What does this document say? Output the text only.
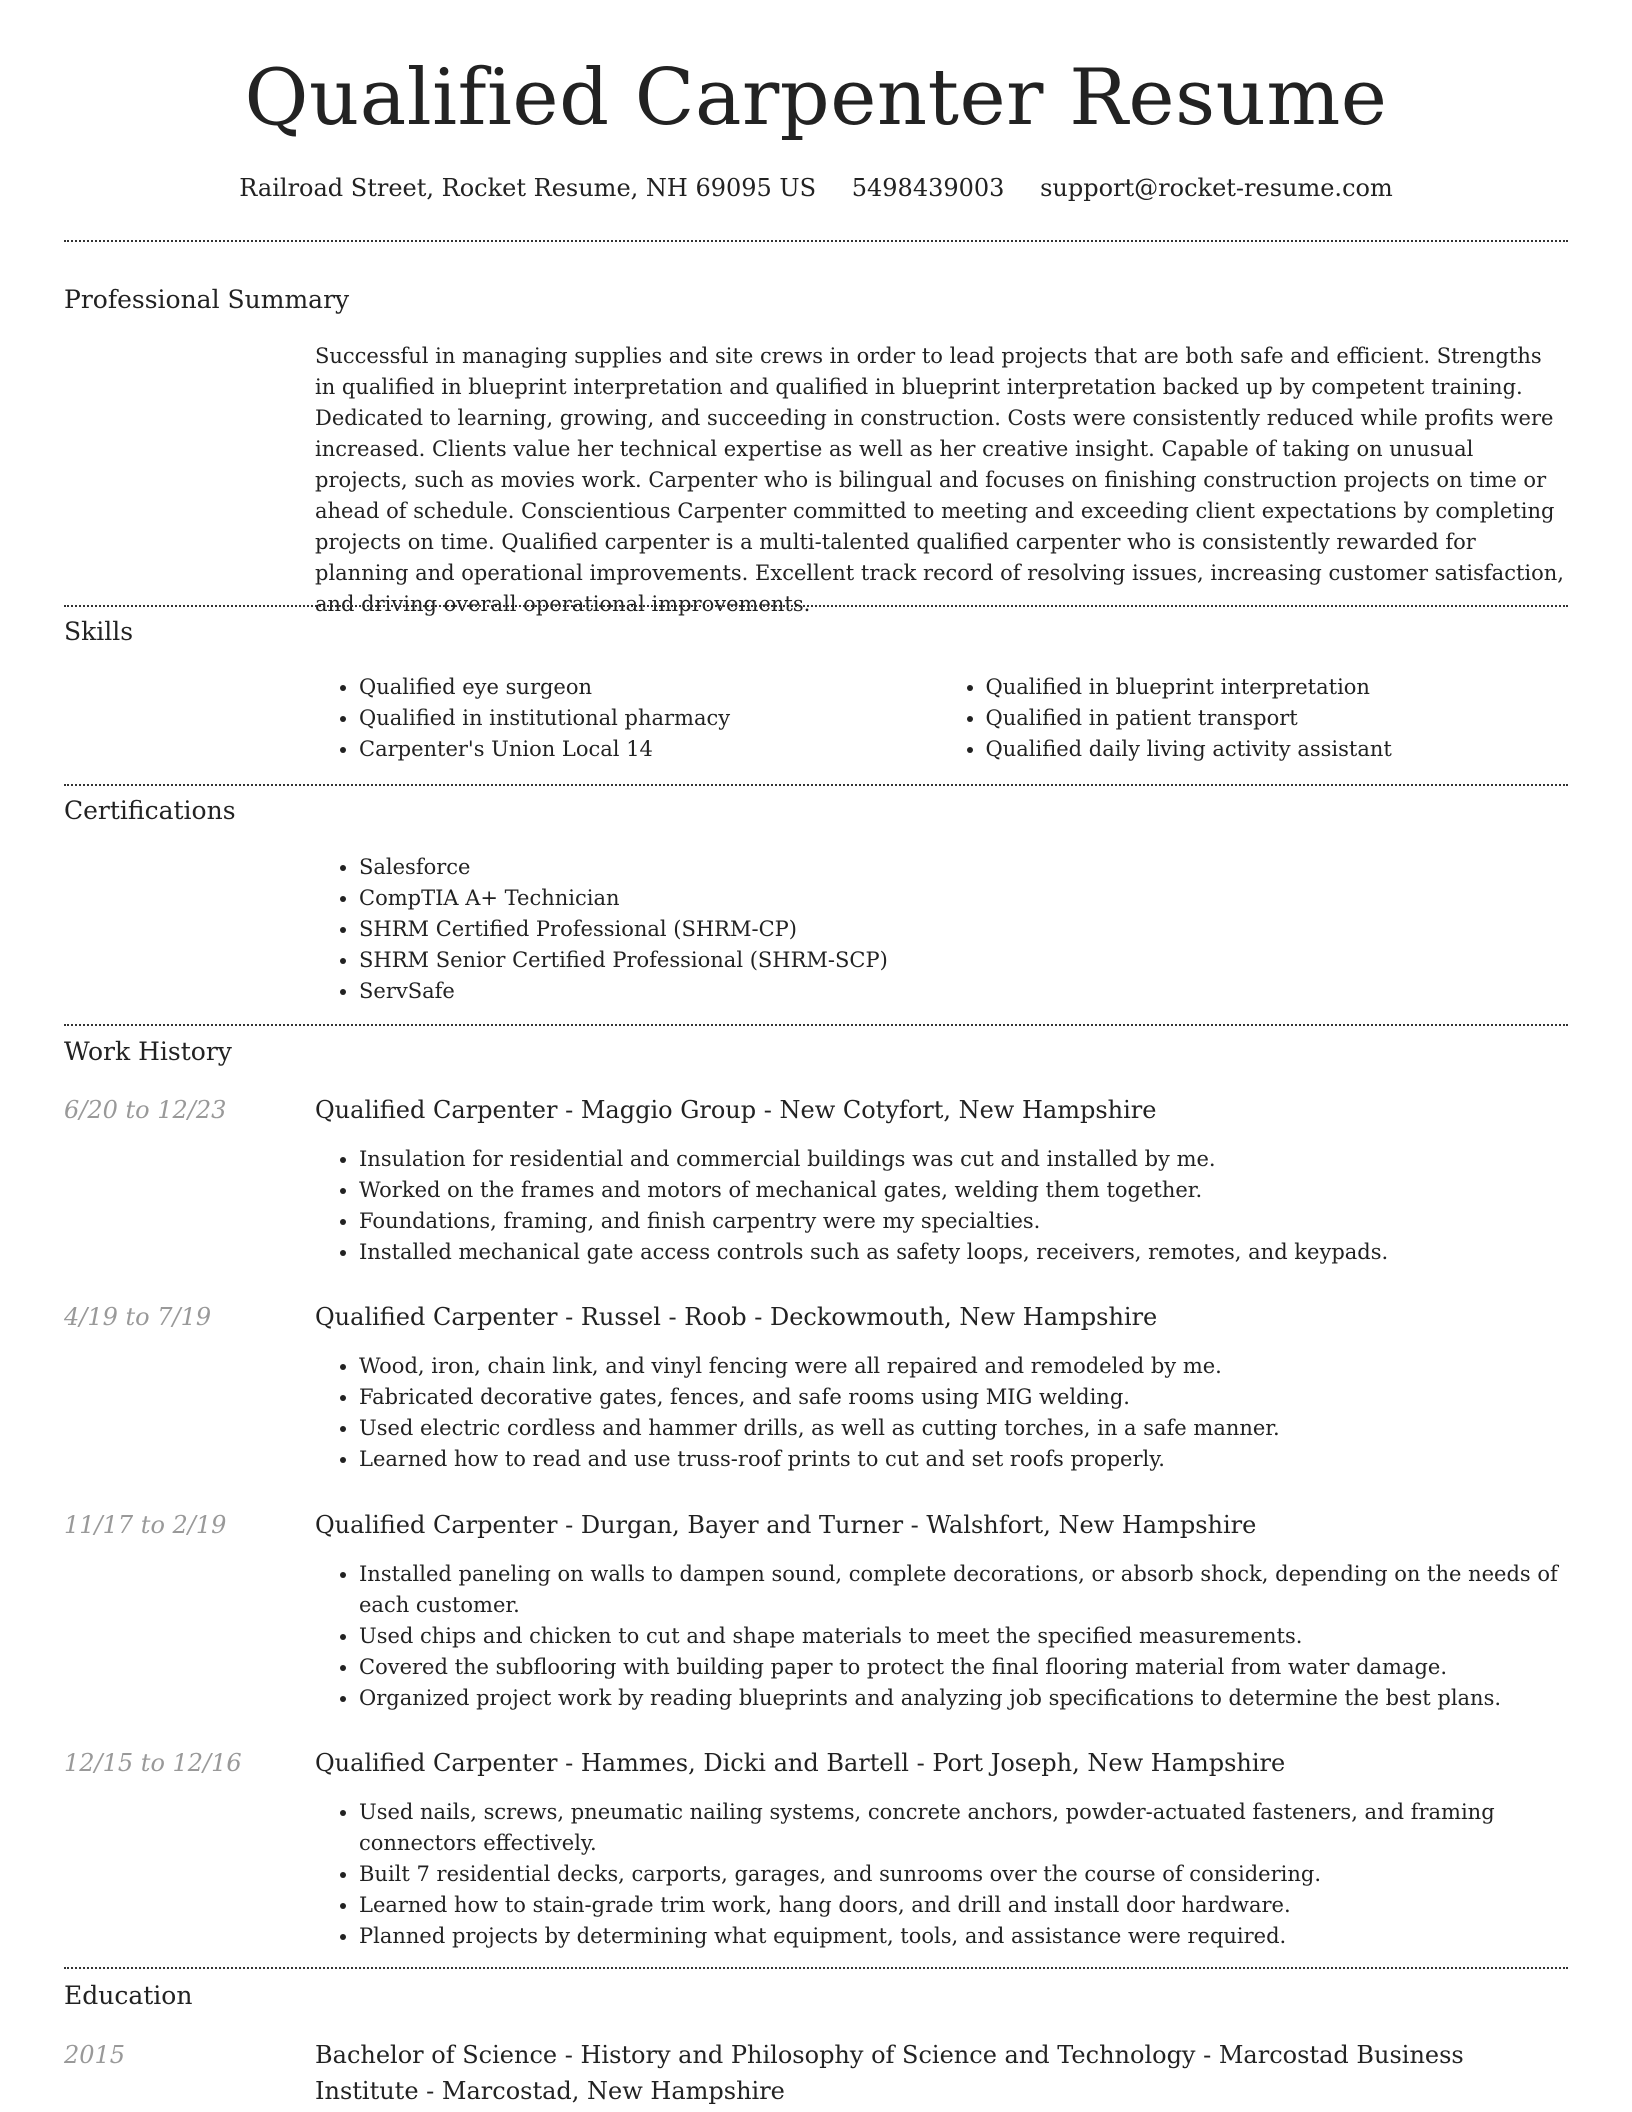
Qualified Carpenter Resume
Railroad Street, Rocket Resume, NH 69095 US 5498439003 support@rocket-resume.com
Professional Summary
Successful in managing supplies and site crews in order to lead projects that are both safe and efficient. Strengths in qualified in blueprint interpretation and qualified in blueprint interpretation backed up by competent training. Dedicated to learning, growing, and succeeding in construction. Costs were consistently reduced while profits were increased. Clients value her technical expertise as well as her creative insight. Capable of taking on unusual projects, such as movies work. Carpenter who is bilingual and focuses on finishing construction projects on time or ahead of schedule. Conscientious Carpenter committed to meeting and exceeding client expectations by completing projects on time. Qualified carpenter is a multi-talented qualified carpenter who is consistently rewarded for planning and operational improvements. Excellent track record of resolving issues, increasing customer satisfaction, and driving overall operational improvements.
Skills
• Qualified eye surgeon
• Qualified in institutional pharmacy
• Carpenter's Union Local 14
• Qualified in blueprint interpretation
• Qualified in patient transport
• Qualified daily living activity assistant
Certifications
• Salesforce
• CompTIA A+ Technician
• SHRM Certified Professional (SHRM-CP)
• SHRM Senior Certified Professional (SHRM-SCP)
• ServSafe
Work History
6/20 to 12/23	Qualified Carpenter - Maggio Group - New Cotyfort, New Hampshire
• Insulation for residential and commercial buildings was cut and installed by me.
• Worked on the frames and motors of mechanical gates, welding them together.
• Foundations, framing, and finish carpentry were my specialties.
• Installed mechanical gate access controls such as safety loops, receivers, remotes, and keypads.
4/19 to 7/19	Qualified Carpenter - Russel - Roob - Deckowmouth, New Hampshire
• Wood, iron, chain link, and vinyl fencing were all repaired and remodeled by me.
• Fabricated decorative gates, fences, and safe rooms using MIG welding.
• Used electric cordless and hammer drills, as well as cutting torches, in a safe manner.
• Learned how to read and use truss-roof prints to cut and set roofs properly.
11/17 to 2/19	Qualified Carpenter - Durgan, Bayer and Turner - Walshfort, New Hampshire
• Installed paneling on walls to dampen sound, complete decorations, or absorb shock, depending on the needs of each customer.
• Used chips and chicken to cut and shape materials to meet the specified measurements.
• Covered the subflooring with building paper to protect the final flooring material from water damage.
• Organized project work by reading blueprints and analyzing job specifications to determine the best plans.
12/15 to 12/16	Qualified Carpenter - Hammes, Dicki and Bartell - Port Joseph, New Hampshire
• Used nails, screws, pneumatic nailing systems, concrete anchors, powder-actuated fasteners, and framing connectors effectively.
• Built 7 residential decks, carports, garages, and sunrooms over the course of considering.
• Learned how to stain-grade trim work, hang doors, and drill and install door hardware.
• Planned projects by determining what equipment, tools, and assistance were required.
Education
2015	Bachelor of Science - History and Philosophy of Science and Technology - Marcostad Business Institute - Marcostad, New Hampshire
